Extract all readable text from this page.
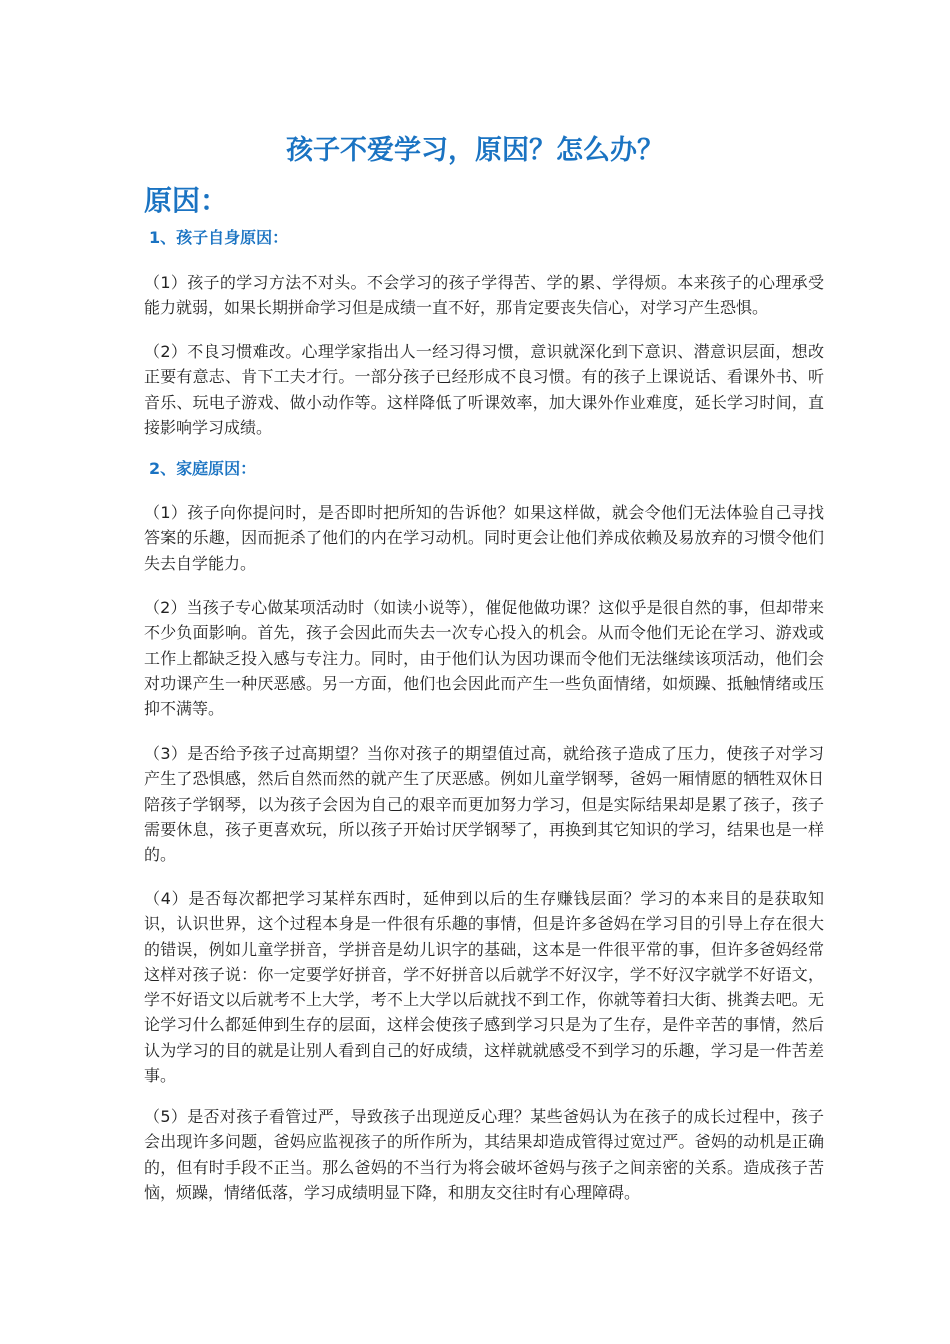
孩子不爱学习，原因？怎么办？
原因：
1、孩子自身原因：

（1）孩子的学习方法不对头。不会学习的孩子学得苦、学的累、学得烦。本来孩子的心理承受能力就弱，如果长期拼命学习但是成绩一直不好，那肯定要丧失信心，对学习产生恐惧。

（2）不良习惯难改。心理学家指出人一经习得习惯，意识就深化到下意识、潜意识层面，想改正要有意志、肯下工夫才行。一部分孩子已经形成不良习惯。有的孩子上课说话、看课外书、听音乐、玩电子游戏、做小动作等。这样降低了听课效率，加大课外作业难度，延长学习时间，直接影响学习成绩。

2、家庭原因：

（1）孩子向你提问时，是否即时把所知的告诉他？如果这样做，就会令他们无法体验自己寻找答案的乐趣，因而扼杀了他们的内在学习动机。同时更会让他们养成依赖及易放弃的习惯令他们失去自学能力。

（2）当孩子专心做某项活动时（如读小说等），催促他做功课？这似乎是很自然的事，但却带来不少负面影响。首先，孩子会因此而失去一次专心投入的机会。从而令他们无论在学习、游戏或工作上都缺乏投入感与专注力。同时，由于他们认为因功课而令他们无法继续该项活动，他们会对功课产生一种厌恶感。另一方面，他们也会因此而产生一些负面情绪，如烦躁、抵触情绪或压抑不满等。

（3）是否给予孩子过高期望？当你对孩子的期望值过高，就给孩子造成了压力，使孩子对学习产生了恐惧感，然后自然而然的就产生了厌恶感。例如儿童学钢琴，爸妈一厢情愿的牺牲双休日陪孩子学钢琴，以为孩子会因为自己的艰辛而更加努力学习，但是实际结果却是累了孩子，孩子需要休息，孩子更喜欢玩，所以孩子开始讨厌学钢琴了，再换到其它知识的学习，结果也是一样的。

（4）是否每次都把学习某样东西时，延伸到以后的生存赚钱层面？学习的本来目的是获取知识，认识世界，这个过程本身是一件很有乐趣的事情，但是许多爸妈在学习目的引导上存在很大的错误，例如儿童学拼音，学拼音是幼儿识字的基础，这本是一件很平常的事，但许多爸妈经常这样对孩子说：你一定要学好拼音，学不好拼音以后就学不好汉字，学不好汉字就学不好语文，学不好语文以后就考不上大学，考不上大学以后就找不到工作，你就等着扫大街、挑粪去吧。无论学习什么都延伸到生存的层面，这样会使孩子感到学习只是为了生存，是件辛苦的事情，然后认为学习的目的就是让别人看到自己的好成绩，这样就就感受不到学习的乐趣，学习是一件苦差事。

（5）是否对孩子看管过严，导致孩子出现逆反心理？某些爸妈认为在孩子的成长过程中，孩子会出现许多问题，爸妈应监视孩子的所作所为，其结果却造成管得过宽过严。爸妈的动机是正确的，但有时手段不正当。那么爸妈的不当行为将会破坏爸妈与孩子之间亲密的关系。造成孩子苦恼，烦躁，情绪低落，学习成绩明显下降，和朋友交往时有心理障碍。
